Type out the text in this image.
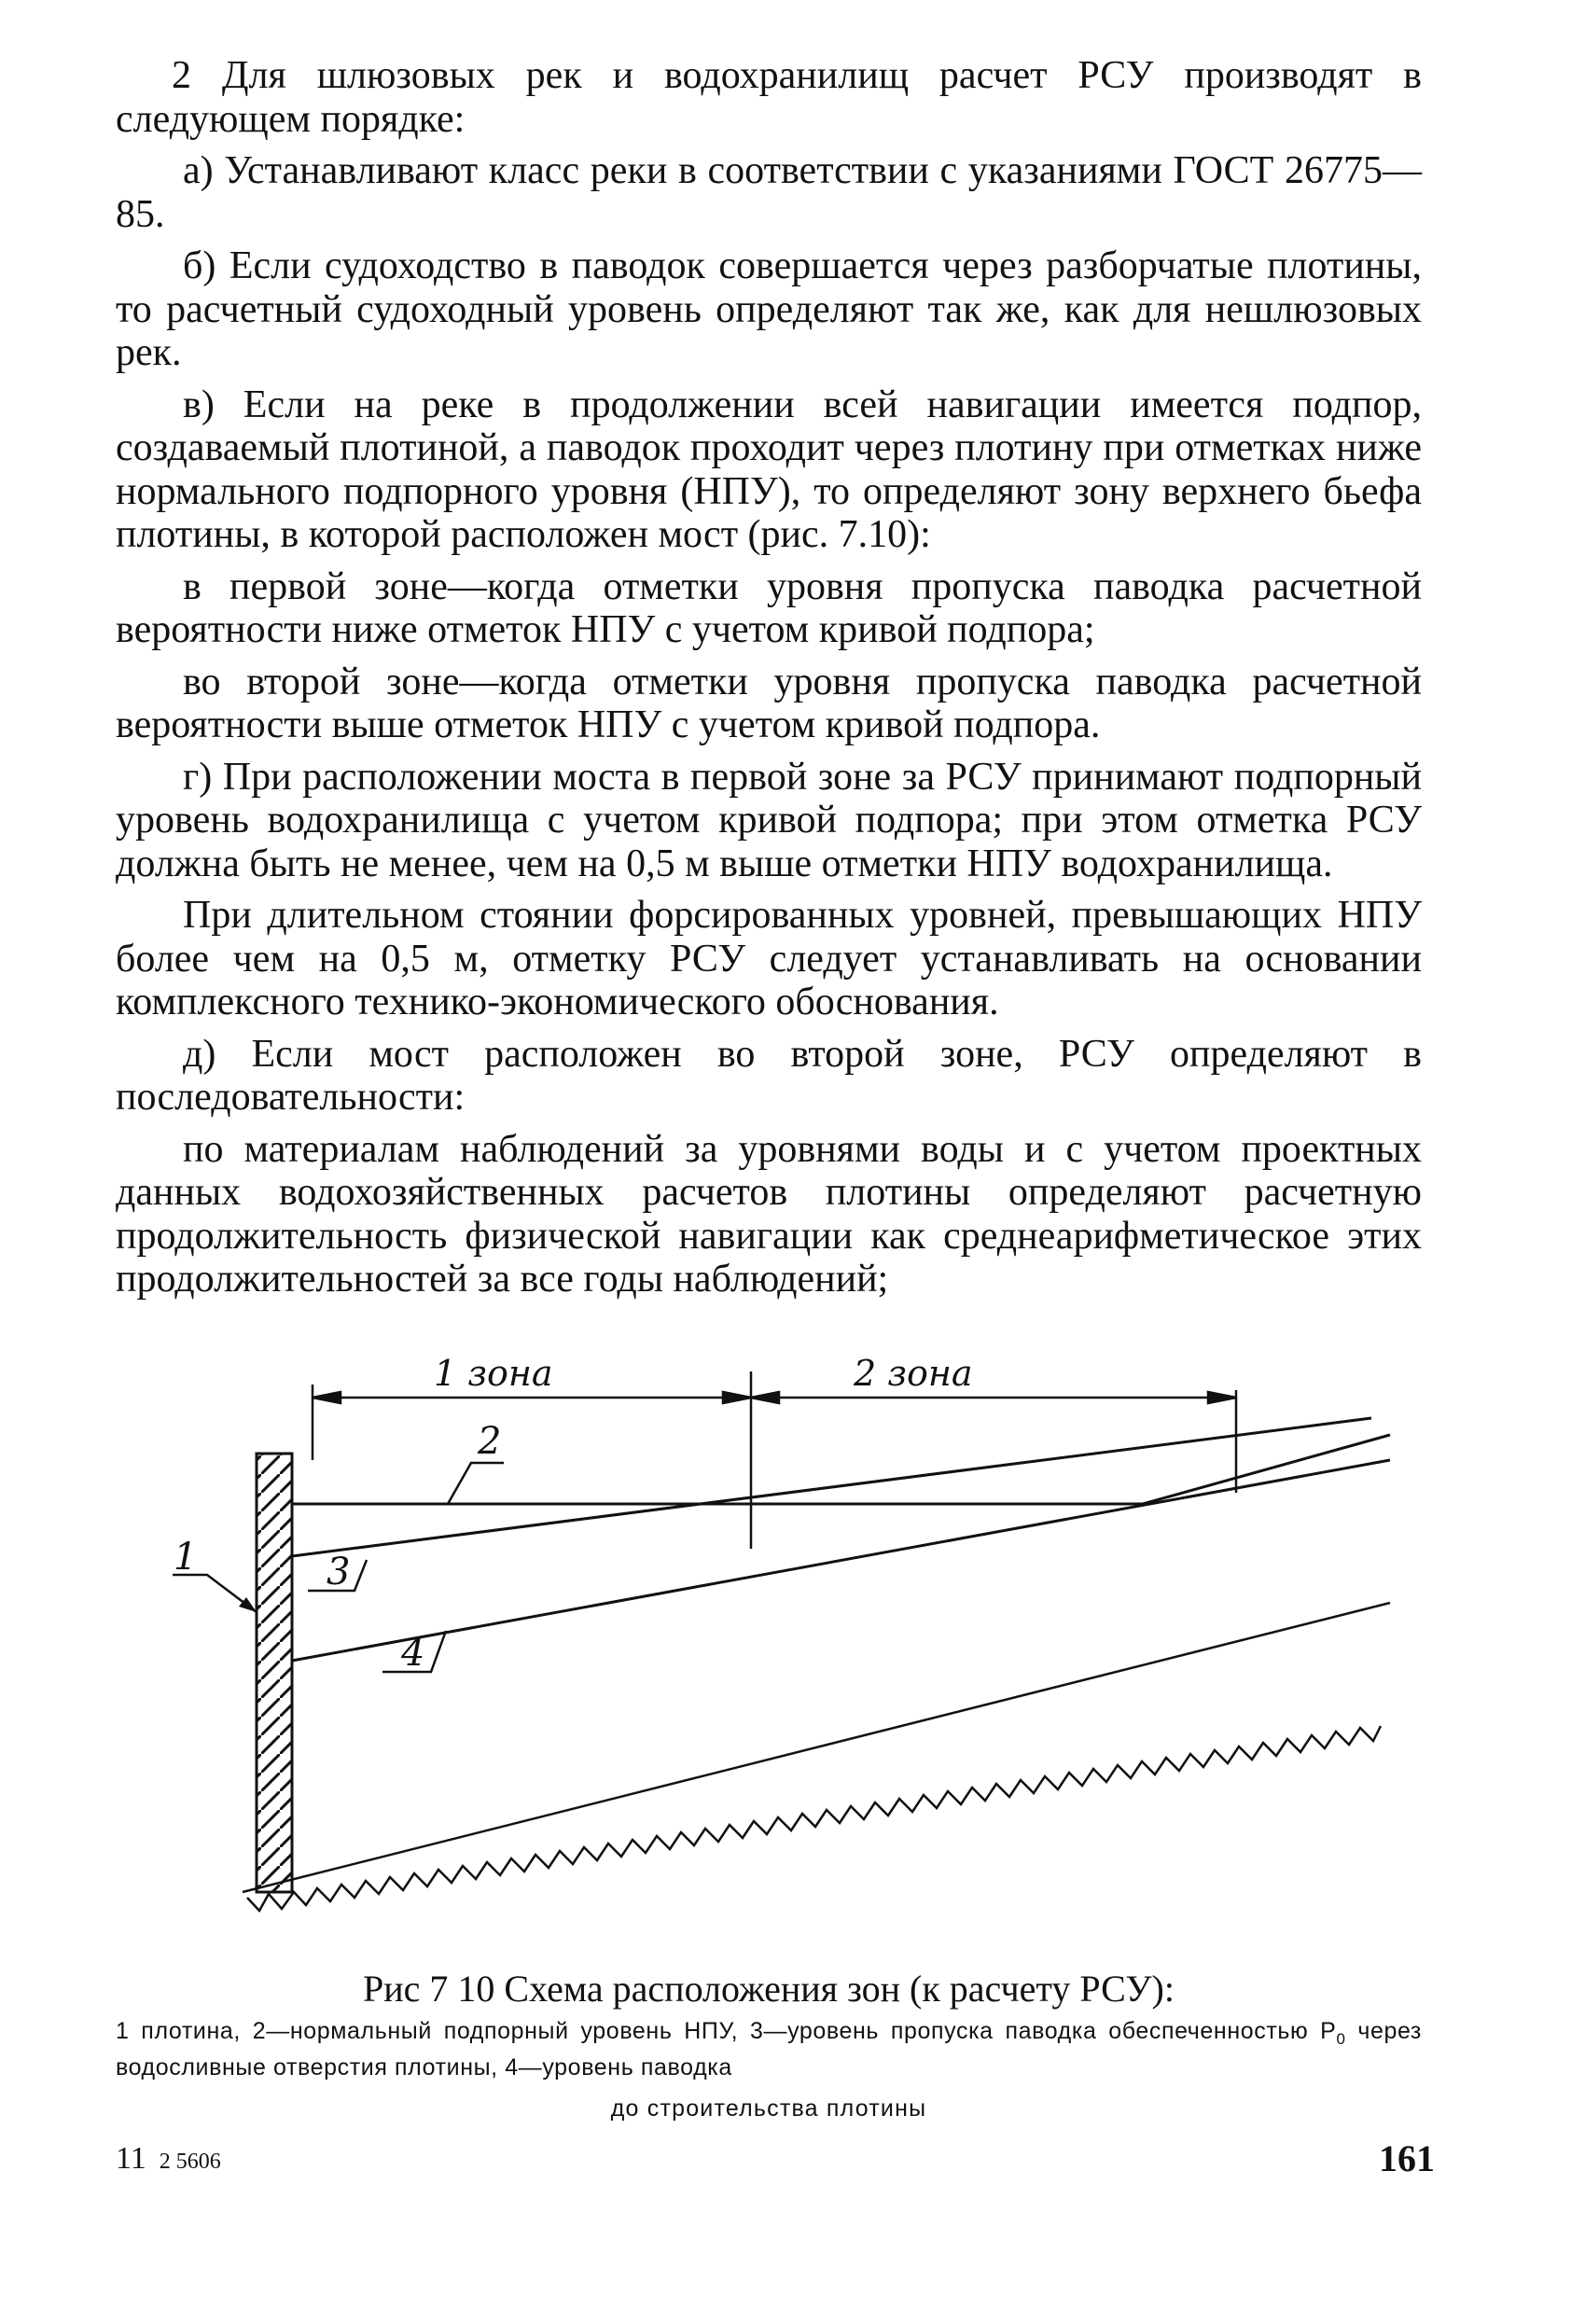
2 Для шлюзовых рек и водохранилищ расчет РСУ производят в следующем порядке:

а) Устанавливают класс реки в соответствии с указаниями ГОСТ 26775—85.

б) Если судоходство в паводок совершается через разборчатые плотины, то расчетный судоходный уровень определяют так же, как для нешлюзовых рек.

в) Если на реке в продолжении всей навигации имеется подпор, создаваемый плотиной, а паводок проходит через плотину при отметках ниже нормального подпорного уровня (НПУ), то определяют зону верхнего бьефа плотины, в которой расположен мост (рис. 7.10):

в первой зоне—когда отметки уровня пропуска паводка расчетной вероятности ниже отметок НПУ с учетом кривой подпора;

во второй зоне—когда отметки уровня пропуска паводка расчетной вероятности выше отметок НПУ с учетом кривой подпора.

г) При расположении моста в первой зоне за РСУ принимают подпорный уровень водохранилища с учетом кривой подпора; при этом отметка РСУ должна быть не менее, чем на 0,5 м выше отметки НПУ водохранилища.

При длительном стоянии форсированных уровней, превышающих НПУ более чем на 0,5 м, отметку РСУ следует устанавливать на основании комплексного технико-экономического обоснования.

д) Если мост расположен во второй зоне, РСУ определяют в последовательности:

по материалам наблюдений за уровнями воды и с учетом проектных данных водохозяйственных расчетов плотины определяют расчетную продолжительность физической навигации как среднеарифметическое этих продолжительностей за все годы наблюдений;

1 зона	2 зона
1
2
3
4

Рис 7 10 Схема расположения зон (к расчету РСУ):

1 плотина, 2—нормальный подпорный уровень НПУ, 3—уровень пропуска паводка обеспеченностью $P_0$ через водосливные отверстия плотины, 4—уровень паводка

до строительства плотины

11 2 5606	161
